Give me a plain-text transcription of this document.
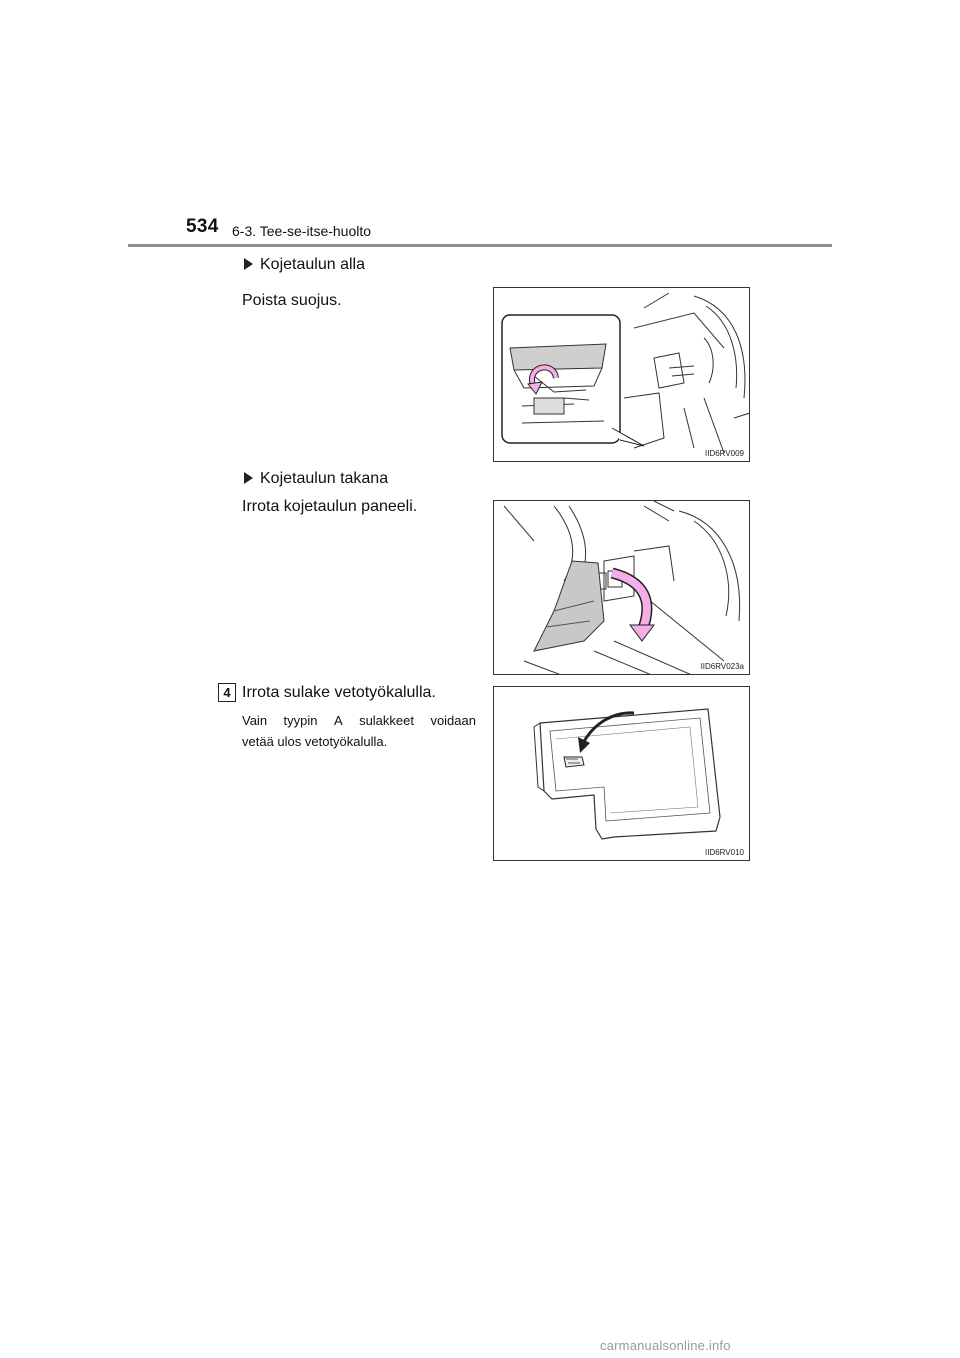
534 6-3. Tee-se-itse-huolto
Kojetaulun alla
Poista suojus.
IID6RV009
Kojetaulun takana
Irrota kojetaulun paneeli.
IID6RV023a
4 Irrota sulake vetotyökalulla.
Vain tyypin A sulakkeet voidaan
vetää ulos vetotyökalulla.
IID6RV010
carmanualsonline.info
